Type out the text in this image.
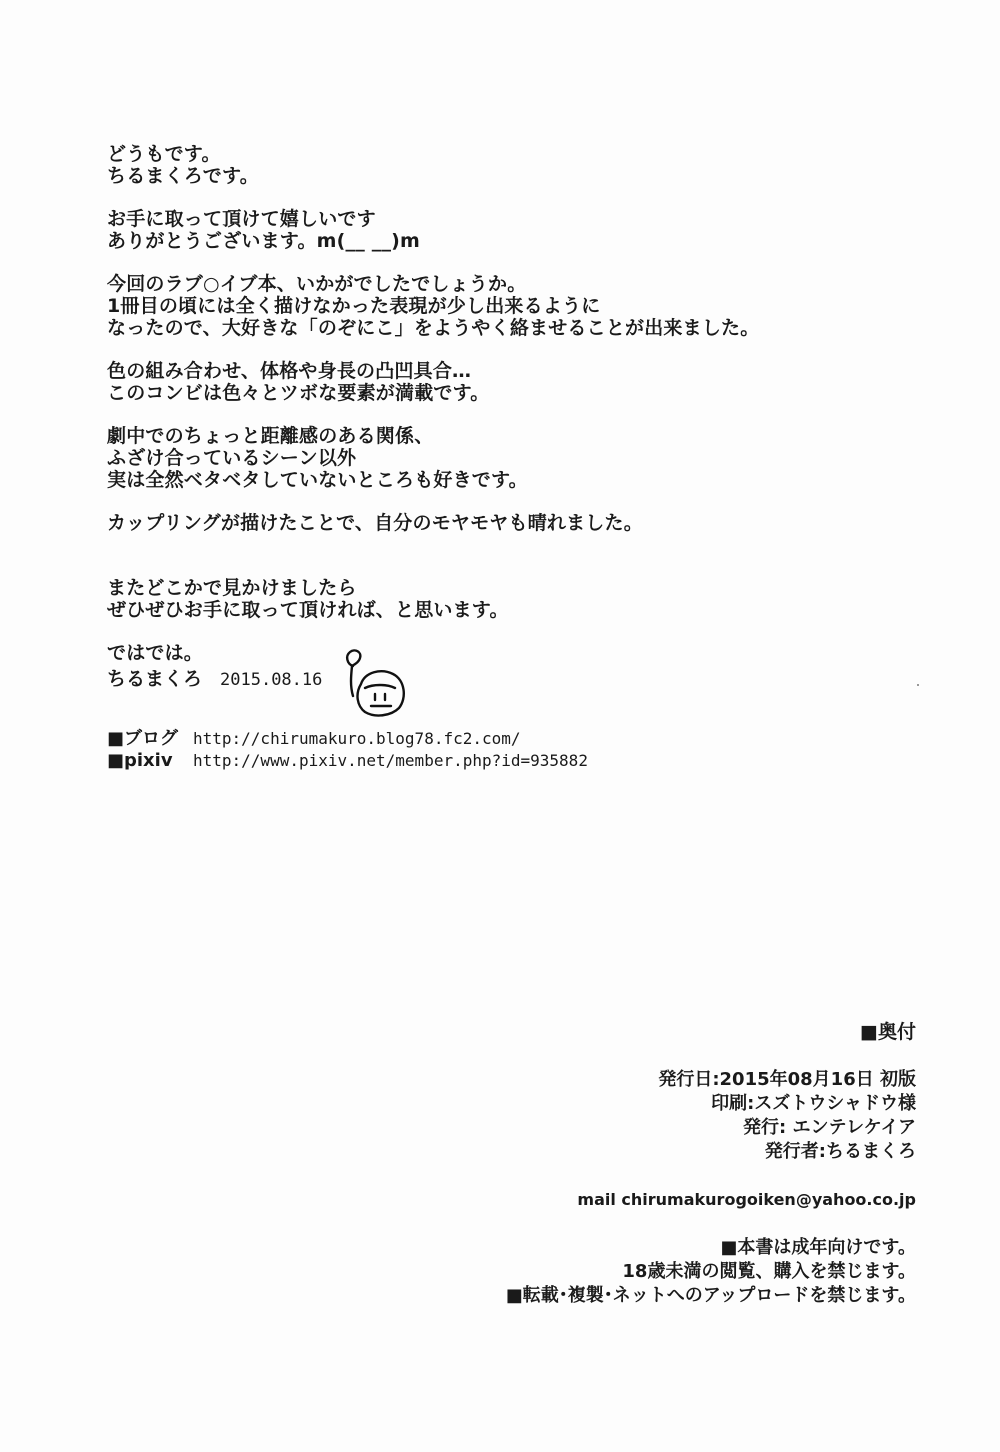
どうもです。
ちるまくろです。

お手に取って頂けて嬉しいです
ありがとうございます。m(__ __)m

今回のラブ○イブ本、いかがでしたでしょうか。
1冊目の頃には全く描けなかった表現が少し出来るように
なったので、大好きな「のぞにこ」をようやく絡ませることが出来ました。

色の組み合わせ、体格や身長の凸凹具合…
このコンビは色々とツボな要素が満載です。

劇中でのちょっと距離感のある関係、
ふざけ合っているシーン以外
実は全然ベタベタしていないところも好きです。

カップリングが描けたことで、自分のモヤモヤも晴れました。

またどこかで見かけましたら
ぜひぜひお手に取って頂ければ、と思います。

ではでは。

ちるまくろ 2015.08.16
■ブログ http://chirumakuro.blog78.fc2.com/
■pixiv http://www.pixiv.net/member.php?id=935882
■奥付
発行日:2015年08月16日 初版
印刷:スズトウシャドウ様
発行: エンテレケイア
発行者:ちるまくろ
mail chirumakurogoiken@yahoo.co.jp
■本書は成年向けです。
18歳未満の閲覧、購入を禁じます。
■転載･複製･ネットへのアップロードを禁じます。
